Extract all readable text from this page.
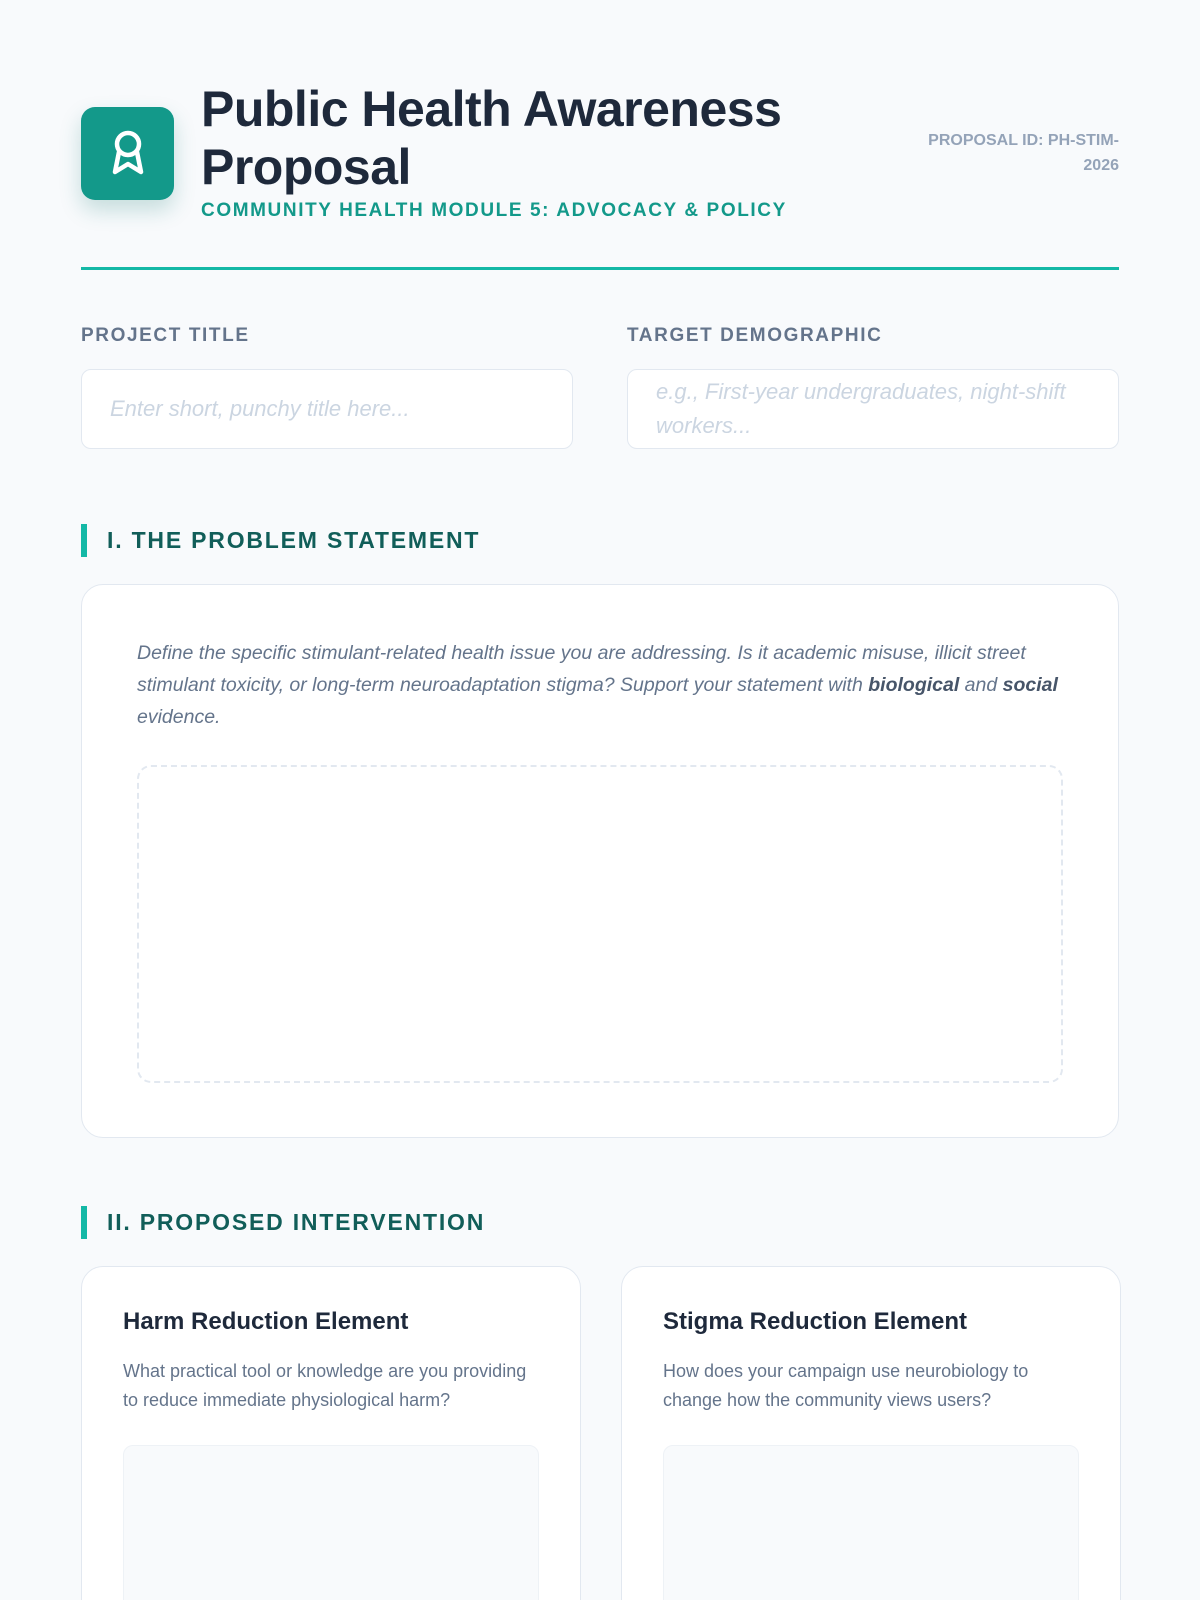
Public Health Awareness Proposal
COMMUNITY HEALTH MODULE 5: ADVOCACY & POLICY
PROPOSAL ID: PH-STIM-2026
PROJECT TITLE
Enter short, punchy title here...
TARGET DEMOGRAPHIC
e.g., First-year undergraduates, night-shift workers...
I. THE PROBLEM STATEMENT

Define the specific stimulant-related health issue you are addressing. Is it academic misuse, illicit street stimulant toxicity, or long-term neuroadaptation stigma? Support your statement with biological and social evidence.

II. PROPOSED INTERVENTION
Harm Reduction Element

What practical tool or knowledge are you providing to reduce immediate physiological harm?

Stigma Reduction Element

How does your campaign use neurobiology to change how the community views users?
